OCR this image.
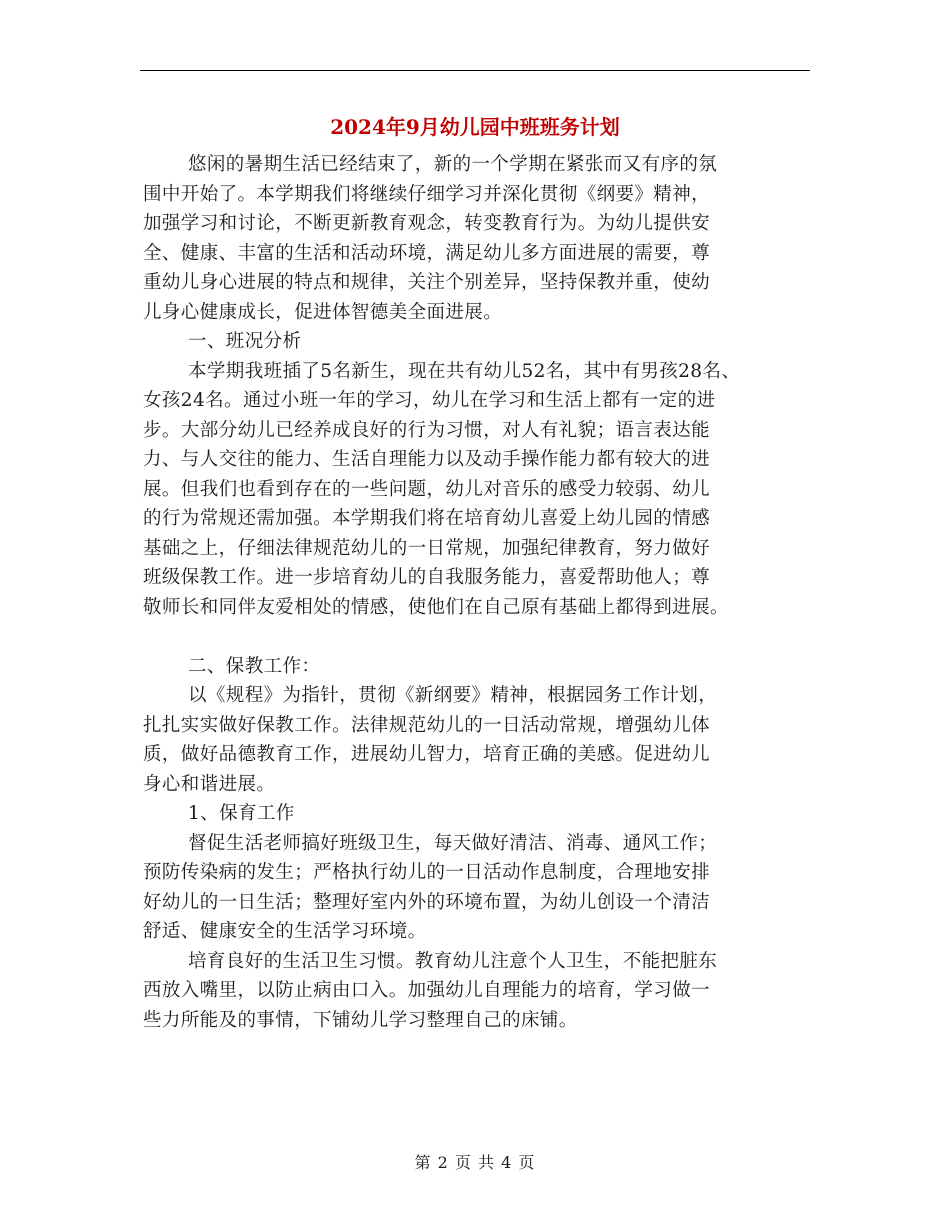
2024年9月幼儿园中班班务计划
悠闲的暑期生活已经结束了，新的一个学期在紧张而又有序的氛
围中开始了。本学期我们将继续仔细学习并深化贯彻《纲要》精神，
加强学习和讨论，不断更新教育观念，转变教育行为。为幼儿提供安
全、健康、丰富的生活和活动环境，满足幼儿多方面进展的需要，尊
重幼儿身心进展的特点和规律，关注个别差异，坚持保教并重，使幼
儿身心健康成长，促进体智德美全面进展。
一、班况分析
本学期我班插了5名新生，现在共有幼儿52名，其中有男孩28名、
女孩24名。通过小班一年的学习，幼儿在学习和生活上都有一定的进
步。大部分幼儿已经养成良好的行为习惯，对人有礼貌；语言表达能
力、与人交往的能力、生活自理能力以及动手操作能力都有较大的进
展。但我们也看到存在的一些问题，幼儿对音乐的感受力较弱、幼儿
的行为常规还需加强。本学期我们将在培育幼儿喜爱上幼儿园的情感
基础之上，仔细法律规范幼儿的一日常规，加强纪律教育，努力做好
班级保教工作。进一步培育幼儿的自我服务能力，喜爱帮助他人；尊
敬师长和同伴友爱相处的情感，使他们在自己原有基础上都得到进展。
二、保教工作：
以《规程》为指针，贯彻《新纲要》精神，根据园务工作计划，
扎扎实实做好保教工作。法律规范幼儿的一日活动常规，增强幼儿体
质，做好品德教育工作，进展幼儿智力，培育正确的美感。促进幼儿
身心和谐进展。
1、保育工作
督促生活老师搞好班级卫生，每天做好清洁、消毒、通风工作；
预防传染病的发生；严格执行幼儿的一日活动作息制度，合理地安排
好幼儿的一日生活；整理好室内外的环境布置，为幼儿创设一个清洁
舒适、健康安全的生活学习环境。
培育良好的生活卫生习惯。教育幼儿注意个人卫生，不能把脏东
西放入嘴里，以防止病由口入。加强幼儿自理能力的培育，学习做一
些力所能及的事情，下铺幼儿学习整理自己的床铺。
第 2 页 共 4 页
